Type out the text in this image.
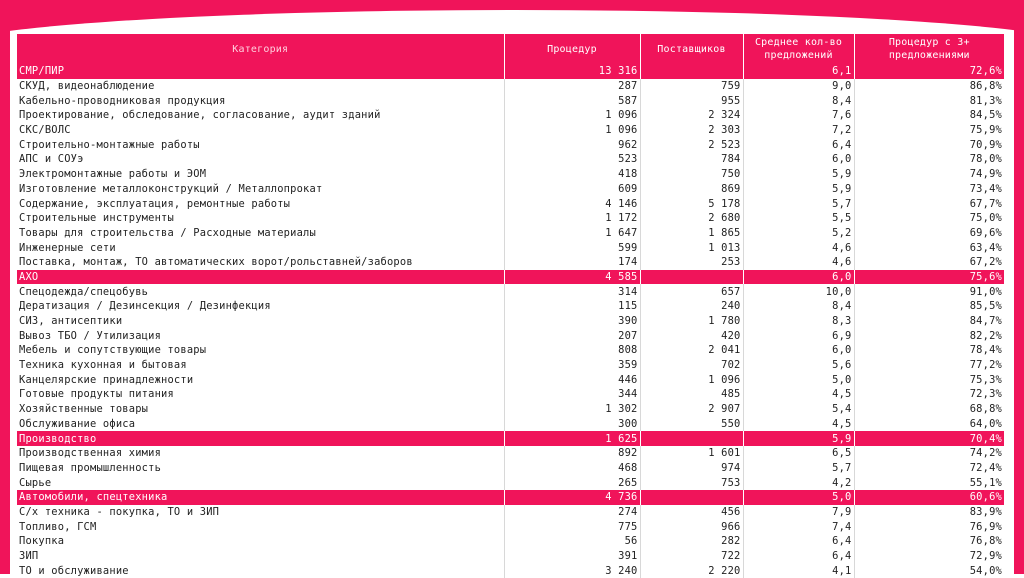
Категория	Процедур	Поставщиков	Среднее кол-во предложений	Процедур с 3+ предложениями
СМР/ПИР	13 316		6,1	72,6%
СКУД, видеонаблюдение	287	759	9,0	86,8%
Кабельно-проводниковая продукция	587	955	8,4	81,3%
Проектирование, обследование, согласование, аудит зданий	1 096	2 324	7,6	84,5%
СКС/ВОЛС	1 096	2 303	7,2	75,9%
Строительно-монтажные работы	962	2 523	6,4	70,9%
АПС и СОУэ	523	784	6,0	78,0%
Электромонтажные работы и ЭОМ	418	750	5,9	74,9%
Изготовление металлоконструкций / Металлопрокат	609	869	5,9	73,4%
Содержание, эксплуатация, ремонтные работы	4 146	5 178	5,7	67,7%
Строительные инструменты	1 172	2 680	5,5	75,0%
Товары для строительства / Расходные материалы	1 647	1 865	5,2	69,6%
Инженерные сети	599	1 013	4,6	63,4%
Поставка, монтаж, ТО автоматических ворот/рольставней/заборов	174	253	4,6	67,2%
АХО	4 585		6,0	75,6%
Спецодежда/спецобувь	314	657	10,0	91,0%
Дератизация / Дезинсекция / Дезинфекция	115	240	8,4	85,5%
СИЗ, антисептики	390	1 780	8,3	84,7%
Вывоз ТБО / Утилизация	207	420	6,9	82,2%
Мебель и сопутствующие товары	808	2 041	6,0	78,4%
Техника кухонная и бытовая	359	702	5,6	77,2%
Канцелярские принадлежности	446	1 096	5,0	75,3%
Готовые продукты питания	344	485	4,5	72,3%
Хозяйственные товары	1 302	2 907	5,4	68,8%
Обслуживание офиса	300	550	4,5	64,0%
Производство	1 625		5,9	70,4%
Производственная химия	892	1 601	6,5	74,2%
Пищевая промышленность	468	974	5,7	72,4%
Сырье	265	753	4,2	55,1%
Автомобили, спецтехника	4 736		5,0	60,6%
С/х техника - покупка, ТО и ЗИП	274	456	7,9	83,9%
Топливо, ГСМ	775	966	7,4	76,9%
Покупка	56	282	6,4	76,8%
ЗИП	391	722	6,4	72,9%
ТО и обслуживание	3 240	2 220	4,1	54,0%
